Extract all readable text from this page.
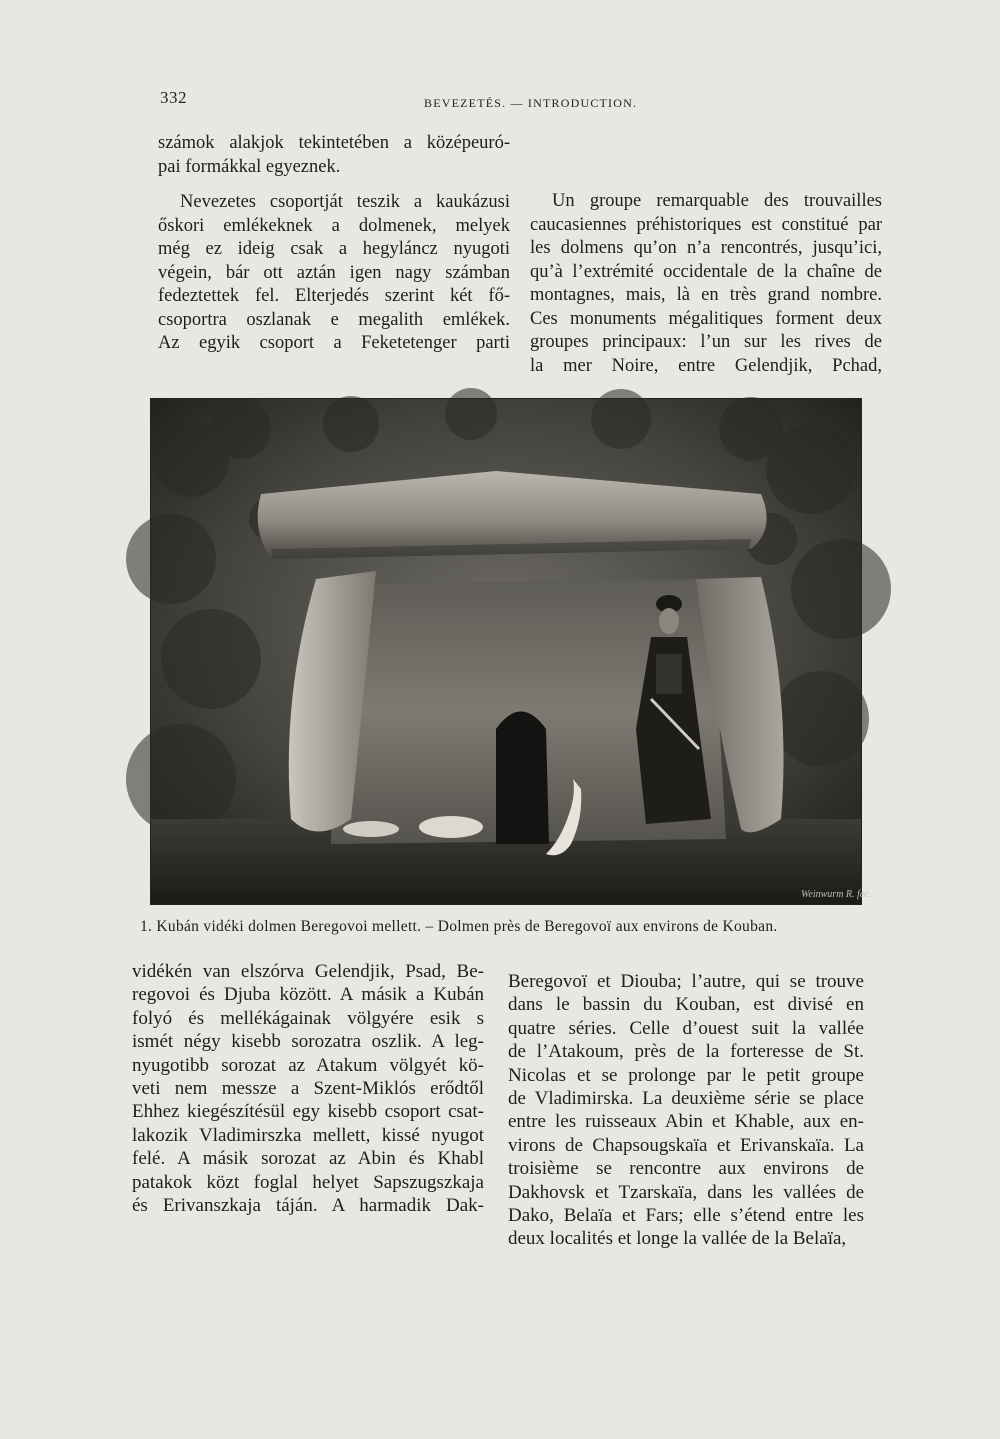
332	BEVEZETÉS. — INTRODUCTION.

számok alakjok tekintetében a középeuró-

pai formákkal egyeznek.

Nevezetes csoportját teszik a kaukázusi

őskori emlékeknek a dolmenek, melyek

még ez ideig csak a hegyláncz nyugoti

végein, bár ott aztán igen nagy számban

fedeztettek fel. Elterjedés szerint két fő-

csoportra oszlanak e megalith emlékek.

Az egyik csoport a Feketetenger parti

Un groupe remarquable des trouvailles

caucasiennes préhistoriques est constitué par

les dolmens qu’on n’a rencontrés, jusqu’ici,

qu’à l’extrémité occidentale de la chaîne de

montagnes, mais, là en très grand nombre.

Ces monuments mégalitiques forment deux

groupes principaux: l’un sur les rives de

la mer Noire, entre Gelendjik, Pchad,

Weinwurm R. fec.
1. Kubán vidéki dolmen Beregovoi mellett. – Dolmen près de Beregovoï aux environs de Kouban.

vidékén van elszórva Gelendjik, Psad, Be-

regovoi és Djuba között. A másik a Kubán

folyó és mellékágainak völgyére esik s

ismét négy kisebb sorozatra oszlik. A leg-

nyugotibb sorozat az Atakum völgyét kö-

veti nem messze a Szent-Miklós erődtől

Ehhez kiegészítésül egy kisebb csoport csat-

lakozik Vladimirszka mellett, kissé nyugot

felé. A másik sorozat az Abin és Khabl

patakok közt foglal helyet Sapszugszkaja

és Erivanszkaja táján. A harmadik Dak-

Beregovoï et Diouba; l’autre, qui se trouve

dans le bassin du Kouban, est divisé en

quatre séries. Celle d’ouest suit la vallée

de l’Atakoum, près de la forteresse de St.

Nicolas et se prolonge par le petit groupe

de Vladimirska. La deuxième série se place

entre les ruisseaux Abin et Khable, aux en-

virons de Chapsougskaïa et Erivanskaïa. La

troisième se rencontre aux environs de

Dakhovsk et Tzarskaïa, dans les vallées de

Dako, Belaïa et Fars; elle s’étend entre les

deux localités et longe la vallée de la Belaïa,
